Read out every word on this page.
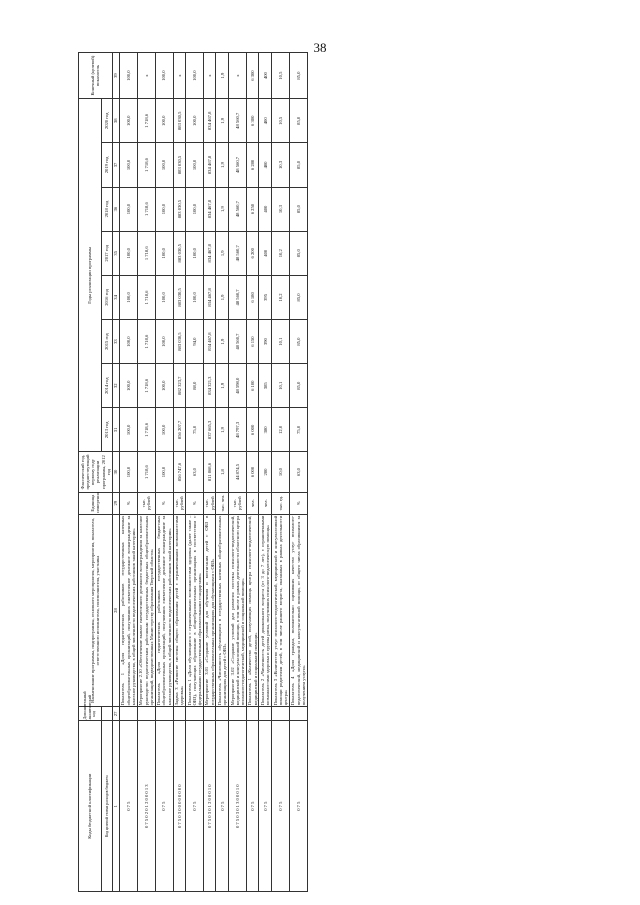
38
Коды бюджетной классификации	Дополнительный аналитический код	Наименование программы, подпрограммы, основного мероприятия, мероприятия, показателя, ответственного исполнителя, соисполнителя, участника	Единица измерения	Фактический год, предшествующий первому году реализации программы, 2012 год	Годы реализации программы								Конечный (целевой) показатель
Код целевой статьи расходов бюджета					2013 год	2014 год	2015 год	2016 год	2017 год	2018 год	2019 год	2020 год	
1	27	28	29	30	31	32	33	34	35	36	37	38	39
0 7 5		Показатель 1 «Доля педагогических работников государственных казенных общеобразовательных организаций, получивших ежемесячное денежное вознаграждение за классное руководство, в общей численности педагогических работников такой категории»	%	100,0	100,0	100,0	100,0	100,0	100,0	100,0	100,0	100,0	100,0
0 7 5 0 2 0 1 2 0 0 0 1 3		Мероприятие 2.10 «Обеспечение выплат ежемесячного денежного вознаграждения за классное руководство педагогическим работникам государственных бюджетных общеобразовательных организаций, подведомственных Министерству образования Тверской области»	тыс. рублей	1 718,6	1 718,6	1 718,6	1 718,6	1 718,6	1 718,6	1 718,6	1 718,6	1 718,6	х
0 7 5		Показатель «Доля педагогических работников государственных бюджетных общеобразовательных организаций, получивших ежемесячное денежное вознаграждение за классное руководство, в общей численности педагогических работников такой категории»	%	100,0	100,0	100,0	100,0	100,0	100,0	100,0	100,0	100,0	100,0
0 7 5 0 3 0 0 0 0 0 0 0 0		Задача 3 «Развитие системы общего образования детей с ограниченными возможностями здоровья»	тыс. рублей	856 747,6	856 207,7	882 323,7	883 030,5	883 030,5	883 030,5	883 030,5	883 030,5	883 030,5	х
0 7 5		Показатель 1 «Доля обучающихся с ограниченными возможностями здоровья (далее также – ОВЗ), получающих образование в общеобразовательных организациях в соответствии с федеральными государственными образовательными стандартами»	%	63,0	75,0	88,0	94,0	100,0	100,0	100,0	100,0	100,0	100,0
0 7 5 0 3 0 1 2 0 0 0 1 0		Мероприятие 3.01 «Создание условий для обучения и воспитания детей с ОВЗ в государственных образовательных организациях для обучающихся с ОВЗ»	тыс. рублей	811 868,6	837 665,3	834 321,3	834 467,8	834 467,8	834 467,8	834 467,8	834 467,8	834 467,8	х
0 7 5		Показатель «Численность обучающихся в государственных казенных общеобразовательных организациях для детей с ОВЗ»	тыс. чел.	1,8	1,9	1,9	1,9	1,9	1,9	1,9	1,9	1,9	1,9
0 7 5 0 3 0 1 3 0 0 0 1 0		Мероприятие 3.02 «Создание условий для развития системы психолого-педагогической, медицинской и консультативной помощи, в том числе в рамках деятельности областного центра психолого-педагогической, медицинской и социальной помощи»	тыс. рублей	44 874,5	48 797,3	48 598,0	48 560,7	48 560,7	48 560,7	48 560,7	48 560,7	48 560,7	х
0 7 5		Показатель 1 «Количество детей, получающих помощь центра психолого-педагогической, медицинской и социальной помощи»	чел.	6 000	6 000	6 100	6 150	6 180	6 200	6 250	6 280	6 300	6 300
0 7 5		Показатель 2 «Численность детей дошкольного возраста (от 3 до 7 лет), с ограниченными возможностями здоровья и группы риска, получивших психолого-педагогическую помощь»	чел.	280	380	385	390	395	400	400	400	400	400
0 7 5		Показатель 3 «Количество услуг психолого-педагогической, медицинской и консультативной помощи родителям детей, в том числе раннего возраста, оказанных в рамках деятельности центра»	тыс. ед.	10,0	12,0	10,1	10,1	10,2	10,2	10,3	10,3	10,5	10,5
0 7 5		Показатель 4 «Доля граждан, положительно оценивших качество услуг психолого-педагогической, медицинской и консультативной помощи, от общего числа обратившихся за получением услуги»	%	63,0	75,0	85,0	85,0	85,0	85,0	85,0	85,0	85,0	85,0
